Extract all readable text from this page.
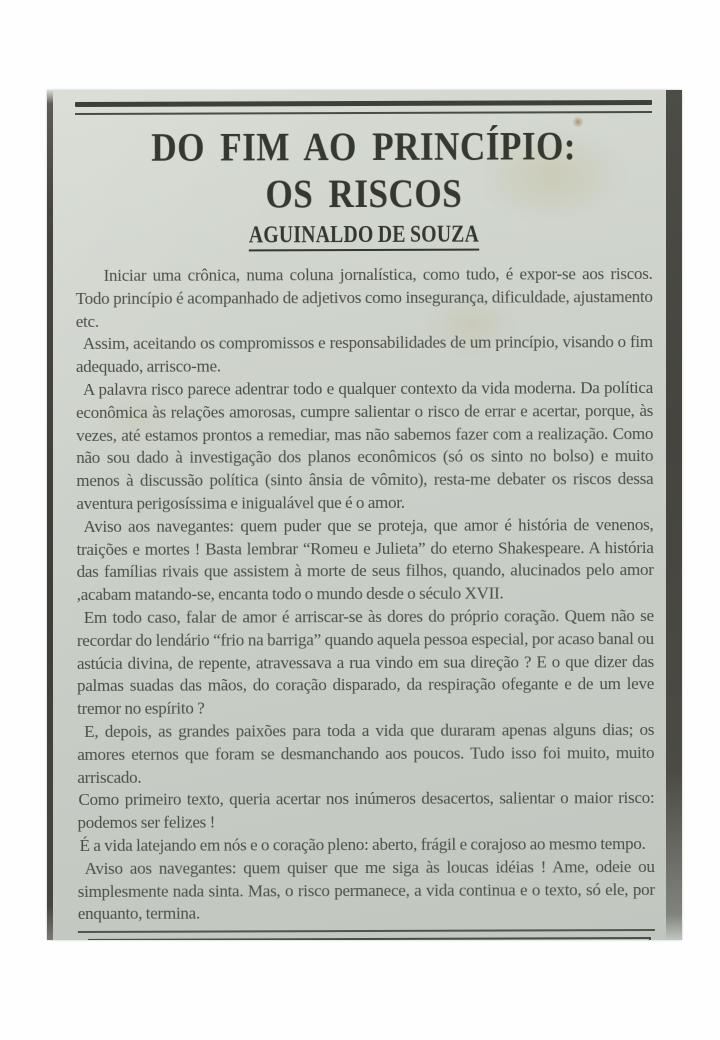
DO FIM AO PRINCÍPIO:
OS RISCOS
AGUINALDO DE SOUZA

Iniciar uma crônica, numa coluna jornalística, como tudo, é expor-se aos riscos. Todo princípio é acompanhado de adjetivos como insegurança, dificuldade, ajustamento etc.

Assim, aceitando os compromissos e responsabilidades de um princípio, visando o fim adequado, arrisco-me.

A palavra risco parece adentrar todo e qualquer contexto da vida moderna. Da política econômica às relações amorosas, cumpre salientar o risco de errar e acertar, porque, às vezes, até estamos prontos a remediar, mas não sabemos fazer com a realização. Como não sou dado à investigação dos planos econômicos (só os sinto no bolso) e muito menos à discussão política (sinto ânsia de vômito), resta-me debater os riscos dessa aventura perigosíssima e inigualável que é o amor.

Aviso aos navegantes: quem puder que se proteja, que amor é história de venenos, traições e mortes ! Basta lembrar “Romeu e Julieta” do eterno Shakespeare. A história das famílias rivais que assistem à morte de seus filhos, quando, alucinados pelo amor ,acabam matando-se, encanta todo o mundo desde o século XVII.

Em todo caso, falar de amor é arriscar-se às dores do próprio coração. Quem não se recordar do lendário “frio na barriga” quando aquela pessoa especial, por acaso banal ou astúcia divina, de repente, atravessava a rua vindo em sua direção ? E o que dizer das palmas suadas das mãos, do coração disparado, da respiração ofegante e de um leve tremor no espírito ?

E, depois, as grandes paixões para toda a vida que duraram apenas alguns dias; os amores eternos que foram se desmanchando aos poucos. Tudo isso foi muito, muito arriscado.

Como primeiro texto, queria acertar nos inúmeros desacertos, salientar o maior risco: podemos ser felizes !

É a vida latejando em nós e o coração pleno: aberto, frágil e corajoso ao mesmo tempo.

Aviso aos navegantes: quem quiser que me siga às loucas idéias ! Ame, odeie ou simplesmente nada sinta. Mas, o risco permanece, a vida continua e o texto, só ele, por enquanto, termina.
